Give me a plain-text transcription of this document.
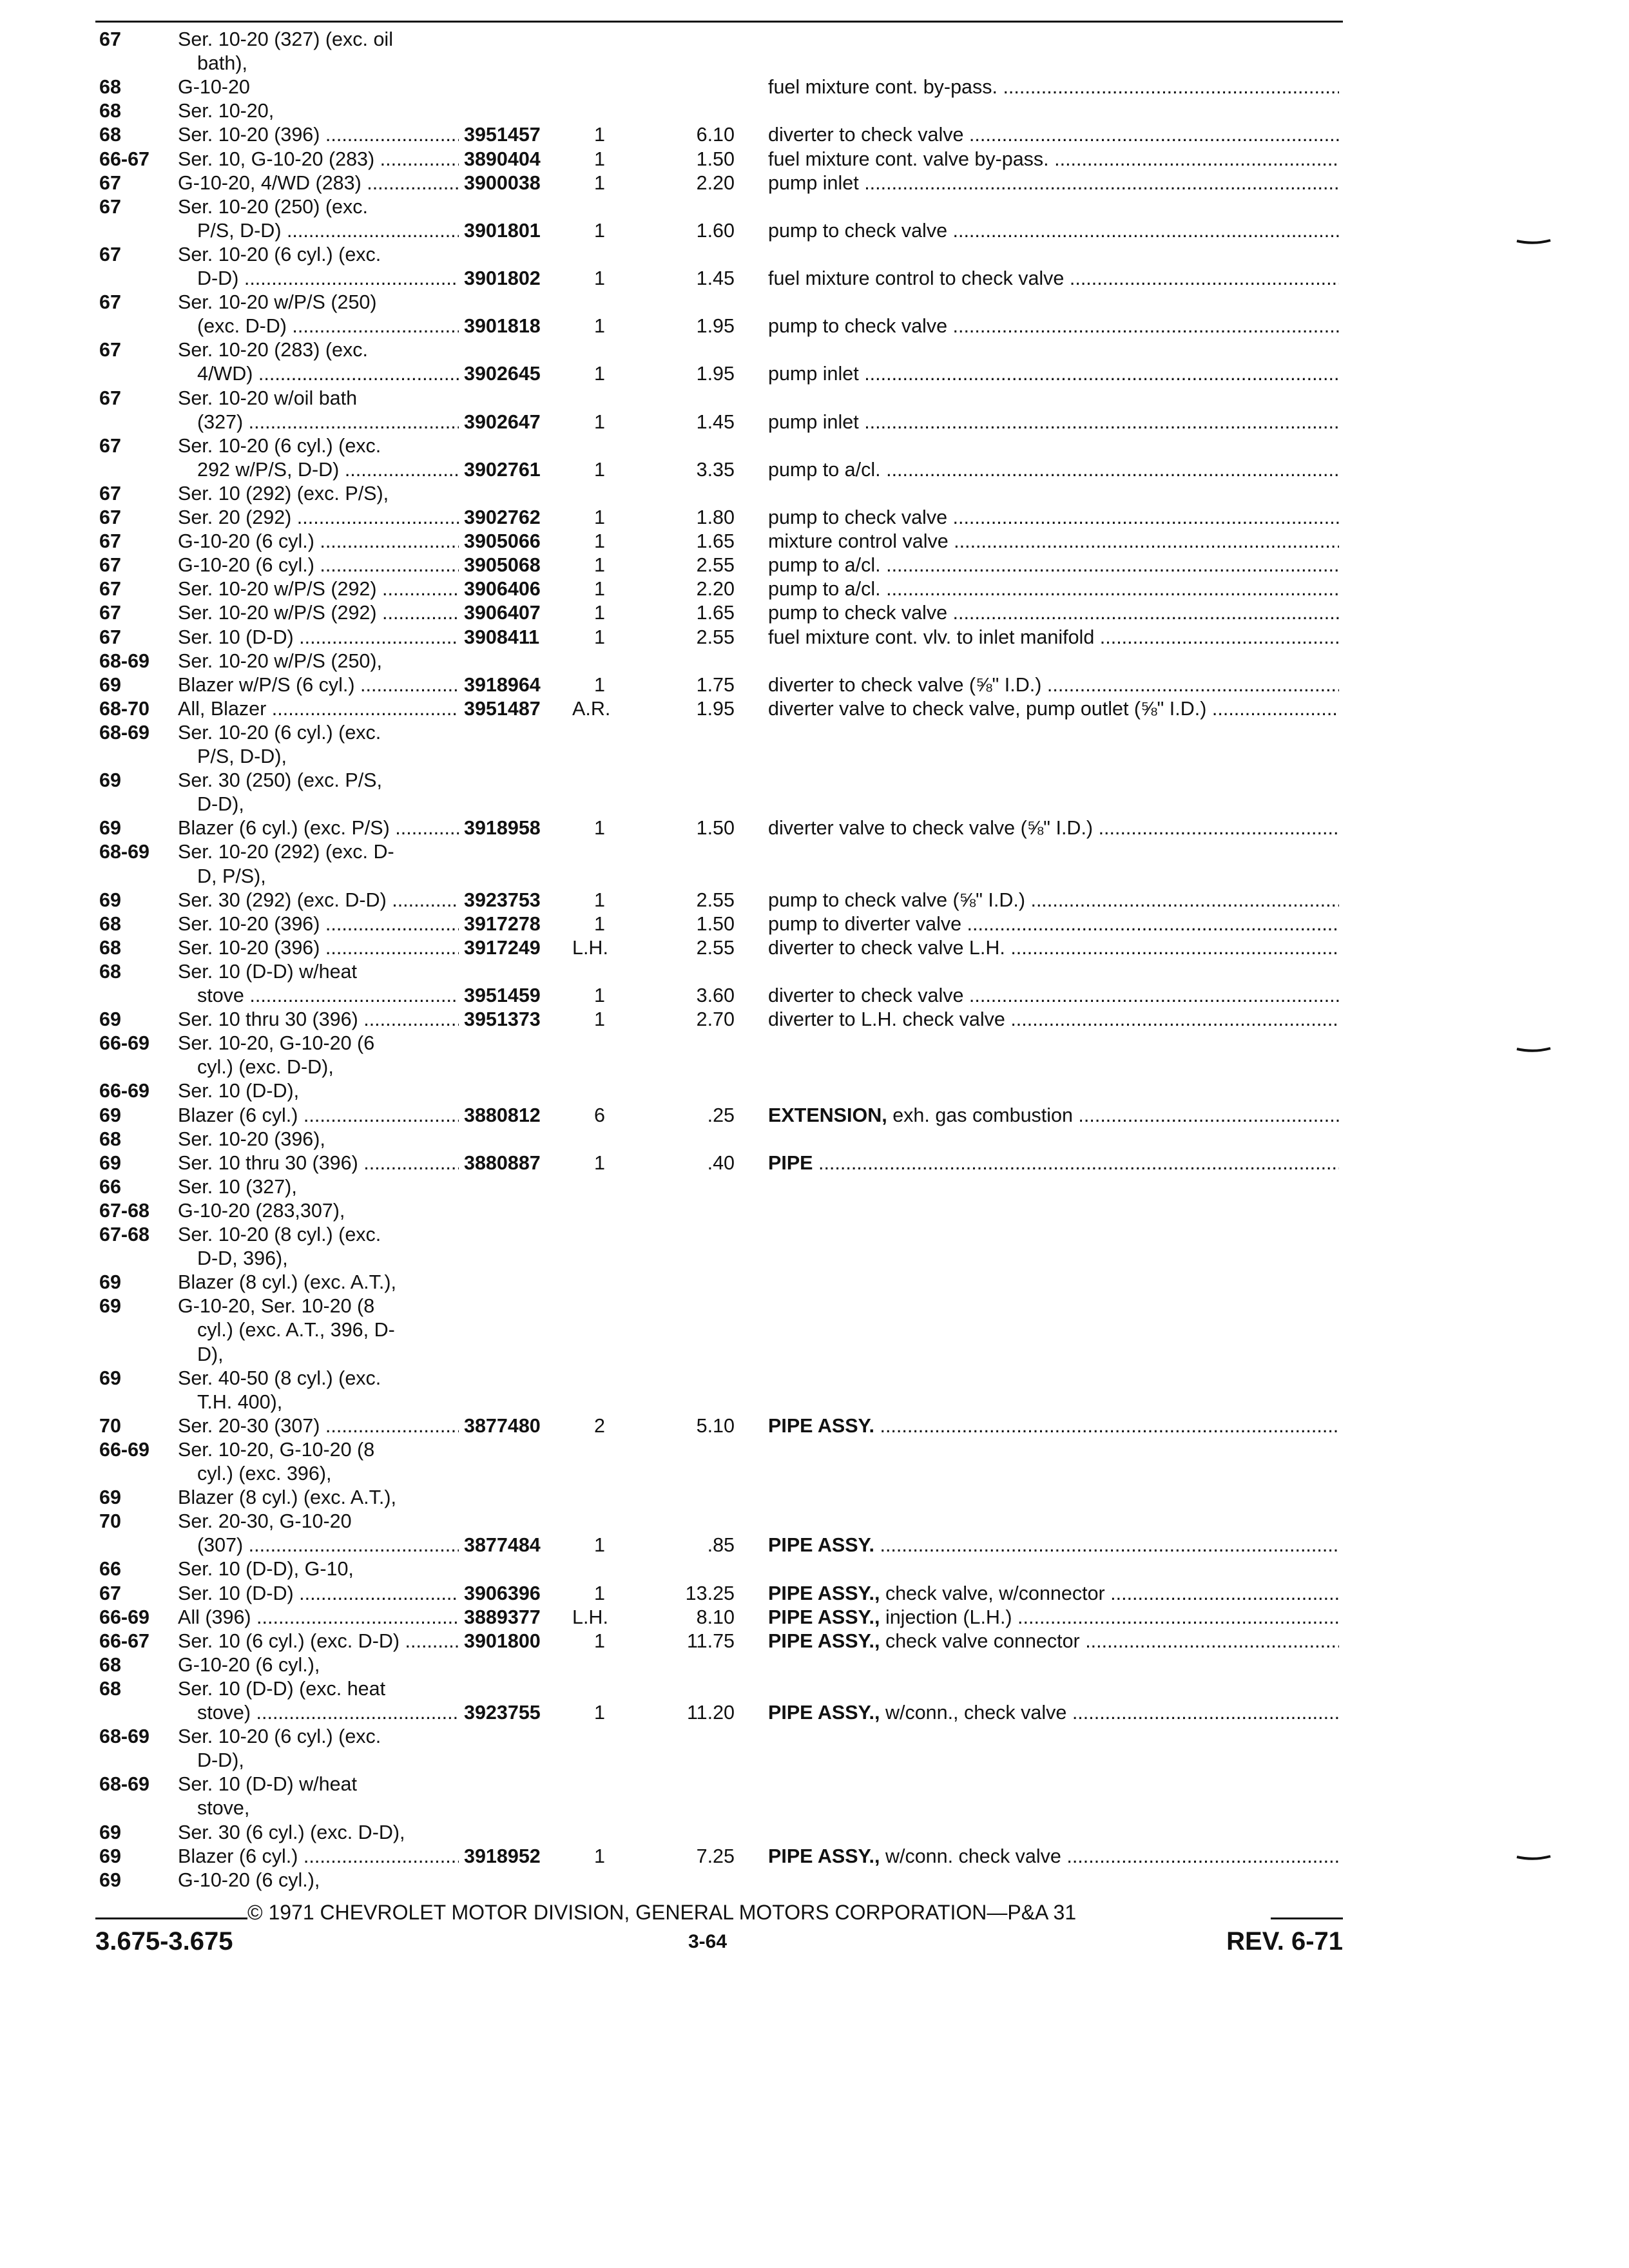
67	Ser. 10-20 (327) (exc. oil
bath),
68	G-10-20	fuel mixture cont. by-pass. .....
68	Ser. 10-20,
68	Ser. 10-20 (396) .....	3951457	1	6.10 diverter to check valve .....
66-67	Ser. 10, G-10-20 (283) .....	3890404	1	1.50 fuel mixture cont. valve by-pass. .....
67	G-10-20, 4/WD (283) .....	3900038	1	2.20 pump inlet .....
67	Ser. 10-20 (250) (exc.
P/S, D-D) .....	3901801	1	1.60 pump to check valve .....
67	Ser. 10-20 (6 cyl.) (exc.
D-D) .....	3901802	1	1.45 fuel mixture control to check valve .....
67	Ser. 10-20 w/P/S (250)
(exc. D-D) .....	3901818	1	1.95 pump to check valve .....
67	Ser. 10-20 (283) (exc.
4/WD) .....	3902645	1	1.95 pump inlet .....
67	Ser. 10-20 w/oil bath
(327) .....	3902647	1	1.45 pump inlet .....
67	Ser. 10-20 (6 cyl.) (exc.
292 w/P/S, D-D) .....	3902761	1	3.35 pump to a/cl. .....
67	Ser. 10 (292) (exc. P/S),
67	Ser. 20 (292) .....	3902762	1	1.80 pump to check valve .....
67	G-10-20 (6 cyl.) .....	3905066	1	1.65 mixture control valve .....
67	G-10-20 (6 cyl.) .....	3905068	1	2.55 pump to a/cl. .....
67	Ser. 10-20 w/P/S (292) .....	3906406	1	2.20 pump to a/cl. .....
67	Ser. 10-20 w/P/S (292) .....	3906407	1	1.65 pump to check valve .....
67	Ser. 10 (D-D) .....	3908411	1	2.55 fuel mixture cont. vlv. to inlet manifold .....
68-69	Ser. 10-20 w/P/S (250),
69	Blazer w/P/S (6 cyl.) .....	3918964	1	1.75 diverter to check valve (⅝" I.D.) .....
68-70	All, Blazer .....	3951487	A.R.	1.95 diverter valve to check valve, pump outlet (⅝" I.D.) .....
68-69	Ser. 10-20 (6 cyl.) (exc.
P/S, D-D),
69	Ser. 30 (250) (exc. P/S,
D-D),
69	Blazer (6 cyl.) (exc. P/S) .....	3918958	1	1.50 diverter valve to check valve (⅝" I.D.) .....
68-69	Ser. 10-20 (292) (exc. D-
D, P/S),
69	Ser. 30 (292) (exc. D-D) .....	3923753	1	2.55 pump to check valve (⅝" I.D.) .....
68	Ser. 10-20 (396) .....	3917278	1	1.50 pump to diverter valve .....
68	Ser. 10-20 (396) .....	3917249	L.H.	2.55 diverter to check valve L.H. .....
68	Ser. 10 (D-D) w/heat
stove .....	3951459	1	3.60 diverter to check valve .....
69	Ser. 10 thru 30 (396) .....	3951373	1	2.70 diverter to L.H. check valve .....
66-69	Ser. 10-20, G-10-20 (6
cyl.) (exc. D-D),
66-69	Ser. 10 (D-D),
69	Blazer (6 cyl.) .....	3880812	6	.25 EXTENSION, exh. gas combustion .....
68	Ser. 10-20 (396),
69	Ser. 10 thru 30 (396) .....	3880887	1	.40 PIPE .....
66	Ser. 10 (327),
67-68	G-10-20 (283,307),
67-68	Ser. 10-20 (8 cyl.) (exc.
D-D, 396),
69	Blazer (8 cyl.) (exc. A.T.),
69	G-10-20, Ser. 10-20 (8
cyl.) (exc. A.T., 396, D-
D),
69	Ser. 40-50 (8 cyl.) (exc.
T.H. 400),
70	Ser. 20-30 (307) .....	3877480	2	5.10 PIPE ASSY. .....
66-69	Ser. 10-20, G-10-20 (8
cyl.) (exc. 396),
69	Blazer (8 cyl.) (exc. A.T.),
70	Ser. 20-30, G-10-20
(307) .....	3877484	1	.85 PIPE ASSY. .....
66	Ser. 10 (D-D), G-10,
67	Ser. 10 (D-D) .....	3906396	1	13.25 PIPE ASSY., check valve, w/connector .....
66-69	All (396) .....	3889377	L.H.	8.10 PIPE ASSY., injection (L.H.) .....
66-67	Ser. 10 (6 cyl.) (exc. D-D) .....	3901800	1	11.75 PIPE ASSY., check valve connector .....
68	G-10-20 (6 cyl.),
68	Ser. 10 (D-D) (exc. heat
stove) .....	3923755	1	11.20 PIPE ASSY., w/conn., check valve .....
68-69	Ser. 10-20 (6 cyl.) (exc.
D-D),
68-69	Ser. 10 (D-D) w/heat
stove,
69	Ser. 30 (6 cyl.) (exc. D-D),
69	Blazer (6 cyl.) .....	3918952	1	7.25 PIPE ASSY., w/conn. check valve .....
69	G-10-20 (6 cyl.),
© 1971 CHEVROLET MOTOR DIVISION, GENERAL MOTORS CORPORATION—P&A 31
3.675-3.675	3-64	REV. 6-71
